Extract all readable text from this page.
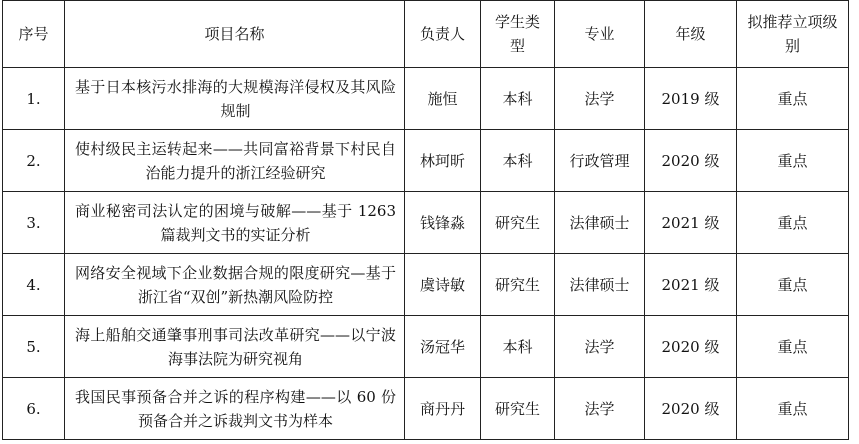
序号	项目名称	负责人	学生类型	专业	年级	拟推荐立项级别
1.	基于日本核污水排海的大规模海洋侵权及其风险规制	施恒	本科	法学	2019 级	重点
2.	使村级民主运转起来——共同富裕背景下村民自治能力提升的浙江经验研究	林珂昕	本科	行政管理	2020 级	重点
3.	商业秘密司法认定的困境与破解——基于 1263 篇裁判文书的实证分析	钱锋淼	研究生	法律硕士	2021 级	重点
4.	网络安全视域下企业数据合规的限度研究—基于浙江省“双创”新热潮风险防控	虞诗敏	研究生	法律硕士	2021 级	重点
5.	海上船舶交通肇事刑事司法改革研究——以宁波海事法院为研究视角	汤冠华	本科	法学	2020 级	重点
6.	我国民事预备合并之诉的程序构建——以 60 份预备合并之诉裁判文书为样本	商丹丹	研究生	法学	2020 级	重点
